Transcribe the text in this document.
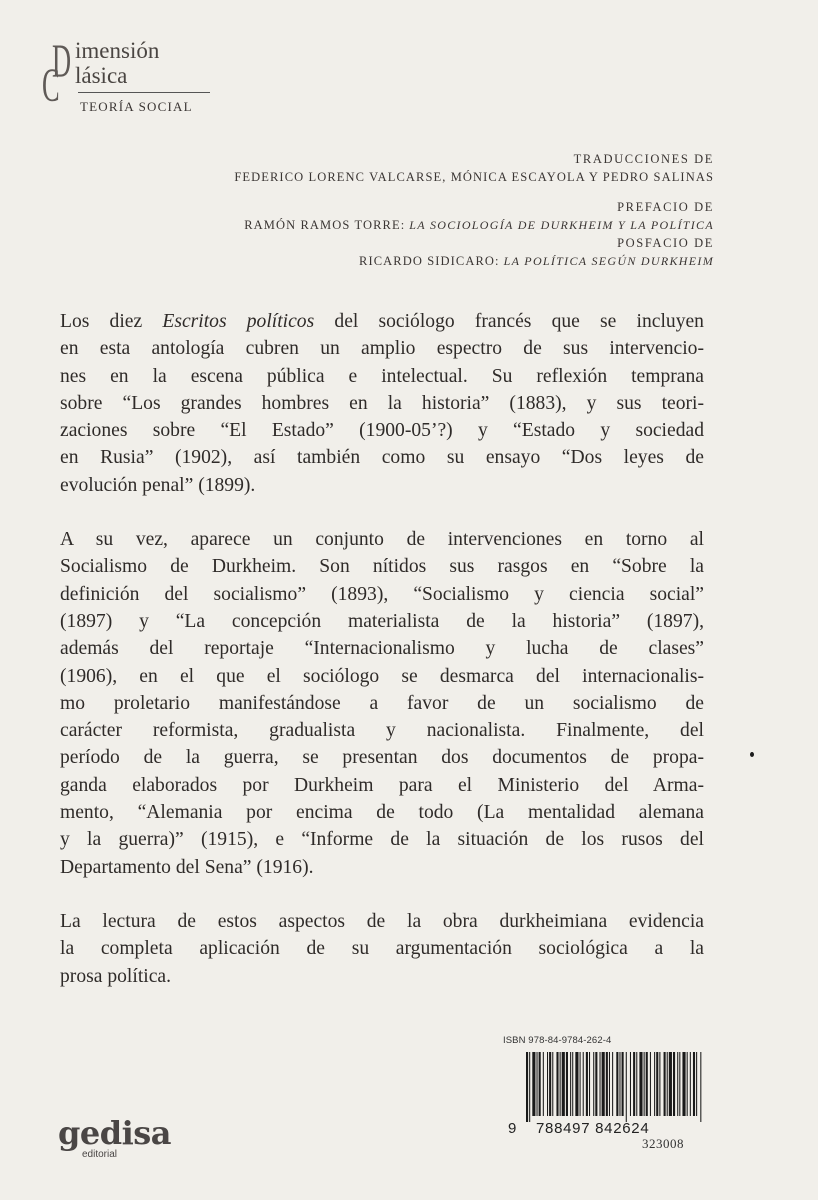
D
C
imensión
lásica
TEORÍA SOCIAL
TRADUCCIONES DE
FEDERICO LORENC VALCARSE, MÓNICA ESCAYOLA Y PEDRO SALINAS
PREFACIO DE
RAMÓN RAMOS TORRE: LA SOCIOLOGÍA DE DURKHEIM Y LA POLÍTICA
POSFACIO DE
RICARDO SIDICARO: LA POLÍTICA SEGÚN DURKHEIM

Los diez Escritos políticos del sociólogo francés que se incluyen
en esta antología cubren un amplio espectro de sus intervencio-
nes en la escena pública e intelectual. Su reflexión temprana
sobre “Los grandes hombres en la historia” (1883), y sus teori-
zaciones sobre “El Estado” (1900-05’?) y “Estado y sociedad
en Rusia” (1902), así también como su ensayo “Dos leyes de
evolución penal” (1899).

A su vez, aparece un conjunto de intervenciones en torno al
Socialismo de Durkheim. Son nítidos sus rasgos en “Sobre la
definición del socialismo” (1893), “Socialismo y ciencia social”
(1897) y “La concepción materialista de la historia” (1897),
además del reportaje “Internacionalismo y lucha de clases”
(1906), en el que el sociólogo se desmarca del internacionalis-
mo proletario manifestándose a favor de un socialismo de
carácter reformista, gradualista y nacionalista. Finalmente, del
período de la guerra, se presentan dos documentos de propa-
ganda elaborados por Durkheim para el Ministerio del Arma-
mento, “Alemania por encima de todo (La mentalidad alemana
y la guerra)” (1915), e “Informe de la situación de los rusos del
Departamento del Sena” (1916).

La lectura de estos aspectos de la obra durkheimiana evidencia
la completa aplicación de su argumentación sociológica a la
prosa política.

ISBN 978-84-9784-262-4
9 788497 842624
323008
gedisa
editorial
